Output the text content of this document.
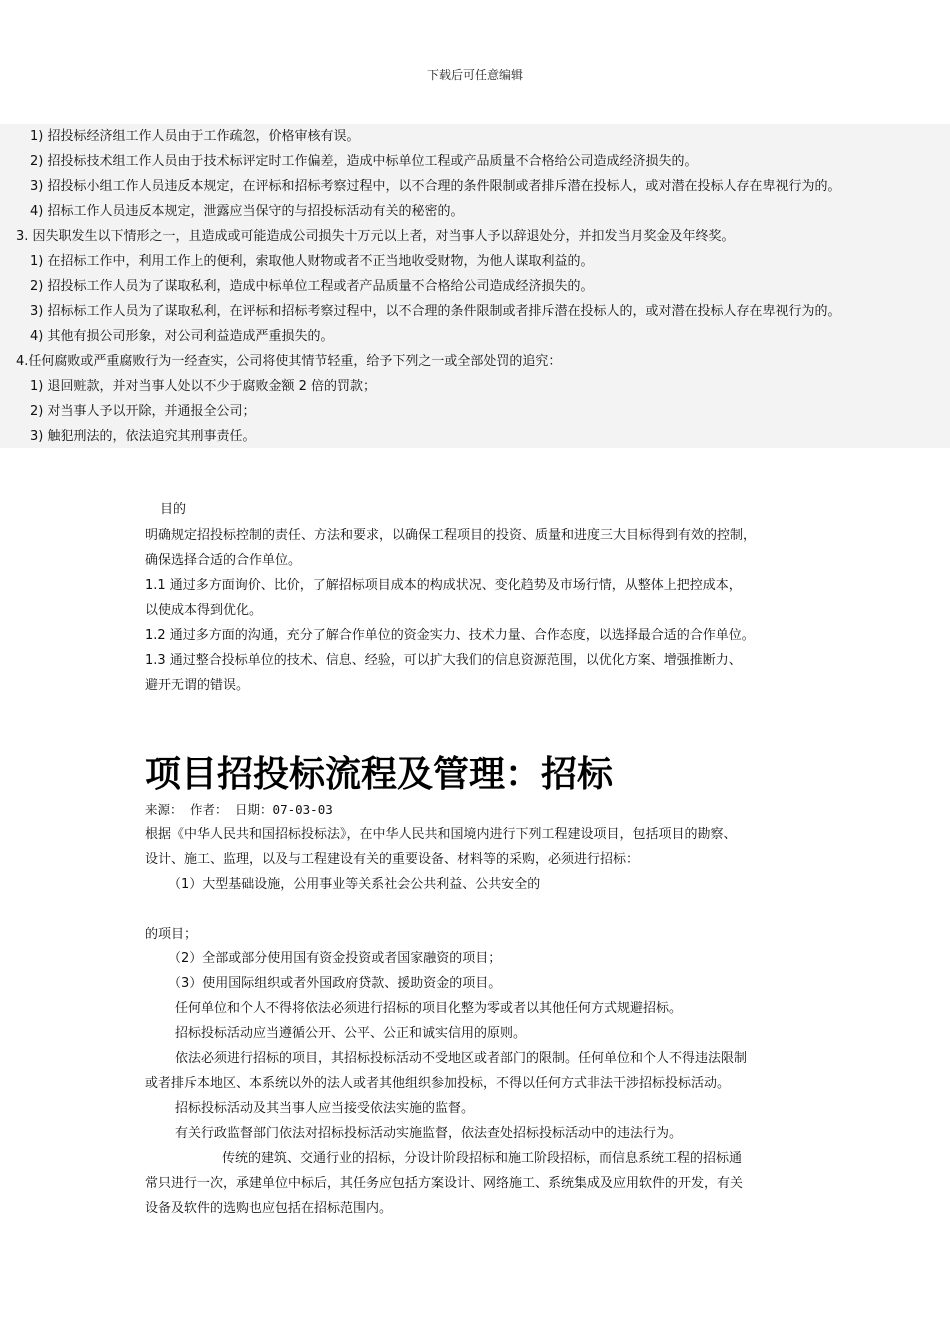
下载后可任意编辑
1) 招投标经济组工作人员由于工作疏忽，价格审核有误。
2) 招投标技术组工作人员由于技术标评定时工作偏差，造成中标单位工程或产品质量不合格给公司造成经济损失的。
3) 招投标小组工作人员违反本规定，在评标和招标考察过程中，以不合理的条件限制或者排斥潜在投标人，或对潜在投标人存在卑视行为的。
4) 招标工作人员违反本规定，泄露应当保守的与招投标活动有关的秘密的。
3. 因失职发生以下情形之一，且造成或可能造成公司损失十万元以上者，对当事人予以辞退处分，并扣发当月奖金及年终奖。
1) 在招标工作中，利用工作上的便利，索取他人财物或者不正当地收受财物，为他人谋取利益的。
2) 招投标工作人员为了谋取私利，造成中标单位工程或者产品质量不合格给公司造成经济损失的。
3) 招标标工作人员为了谋取私利，在评标和招标考察过程中，以不合理的条件限制或者排斥潜在投标人的，或对潜在投标人存在卑视行为的。
4) 其他有损公司形象，对公司利益造成严重损失的。
4.任何腐败或严重腐败行为一经查实，公司将使其情节轻重，给予下列之一或全部处罚的追究：
1) 退回赃款，并对当事人处以不少于腐败金额 2 倍的罚款；
2) 对当事人予以开除，并通报全公司；
3) 触犯刑法的，依法追究其刑事责任。
目的
明确规定招投标控制的责任、方法和要求，以确保工程项目的投资、质量和进度三大目标得到有效的控制，
确保选择合适的合作单位。
1.1 通过多方面询价、比价，了解招标项目成本的构成状况、变化趋势及市场行情，从整体上把控成本，
以使成本得到优化。
1.2 通过多方面的沟通，充分了解合作单位的资金实力、技术力量、合作态度，以选择最合适的合作单位。
1.3 通过整合投标单位的技术、信息、经验，可以扩大我们的信息资源范围，以优化方案、增强推断力、
避开无谓的错误。
项目招投标流程及管理：招标
来源： 作者： 日期：07-03-03
根据《中华人民共和国招标投标法》，在中华人民共和国境内进行下列工程建设项目，包括项目的勘察、
设计、施工、监理，以及与工程建设有关的重要设备、材料等的采购，必须进行招标：
（1）大型基础设施，公用事业等关系社会公共利益、公共安全的
的项目；
（2）全部或部分使用国有资金投资或者国家融资的项目；
（3）使用国际组织或者外国政府贷款、援助资金的项目。
任何单位和个人不得将依法必须进行招标的项目化整为零或者以其他任何方式规避招标。
招标投标活动应当遵循公开、公平、公正和诚实信用的原则。
依法必须进行招标的项目，其招标投标活动不受地区或者部门的限制。任何单位和个人不得违法限制
或者排斥本地区、本系统以外的法人或者其他组织参加投标，不得以任何方式非法干涉招标投标活动。
招标投标活动及其当事人应当接受依法实施的监督。
有关行政监督部门依法对招标投标活动实施监督，依法查处招标投标活动中的违法行为。
传统的建筑、交通行业的招标，分设计阶段招标和施工阶段招标，而信息系统工程的招标通
常只进行一次，承建单位中标后，其任务应包括方案设计、网络施工、系统集成及应用软件的开发，有关
设备及软件的选购也应包括在招标范围内。
